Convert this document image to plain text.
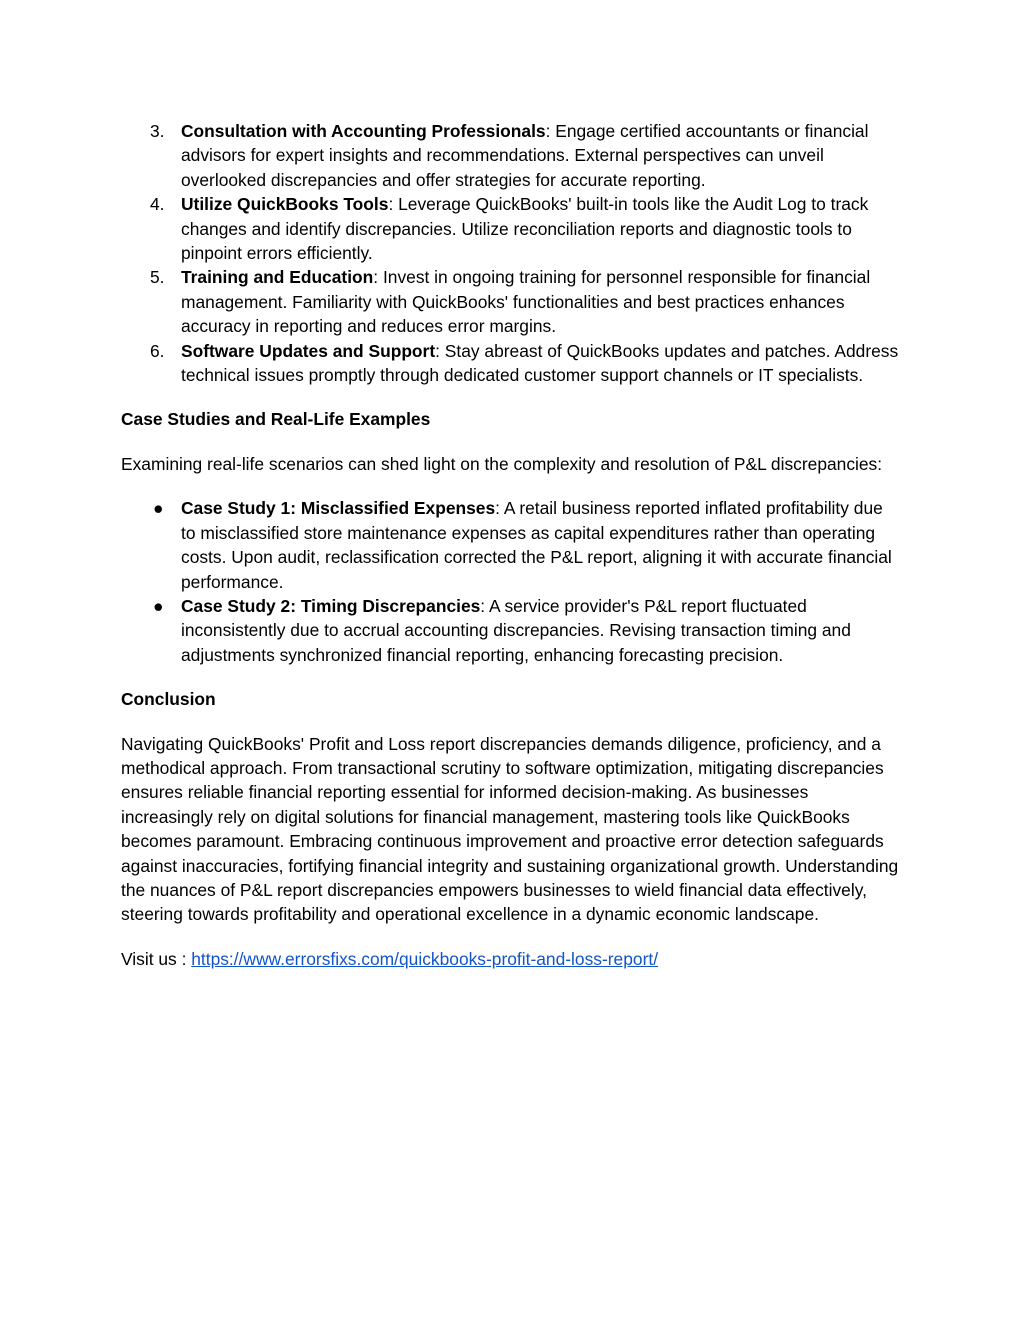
3. Consultation with Accounting Professionals: Engage certified accountants or financial advisors for expert insights and recommendations. External perspectives can unveil overlooked discrepancies and offer strategies for accurate reporting.
4. Utilize QuickBooks Tools: Leverage QuickBooks' built-in tools like the Audit Log to track changes and identify discrepancies. Utilize reconciliation reports and diagnostic tools to pinpoint errors efficiently.
5. Training and Education: Invest in ongoing training for personnel responsible for financial management. Familiarity with QuickBooks' functionalities and best practices enhances accuracy in reporting and reduces error margins.
6. Software Updates and Support: Stay abreast of QuickBooks updates and patches. Address technical issues promptly through dedicated customer support channels or IT specialists.

Case Studies and Real-Life Examples

Examining real-life scenarios can shed light on the complexity and resolution of P&L discrepancies:

● Case Study 1: Misclassified Expenses: A retail business reported inflated profitability due to misclassified store maintenance expenses as capital expenditures rather than operating costs. Upon audit, reclassification corrected the P&L report, aligning it with accurate financial performance.
● Case Study 2: Timing Discrepancies: A service provider's P&L report fluctuated inconsistently due to accrual accounting discrepancies. Revising transaction timing and adjustments synchronized financial reporting, enhancing forecasting precision.

Conclusion

Navigating QuickBooks' Profit and Loss report discrepancies demands diligence, proficiency, and a methodical approach. From transactional scrutiny to software optimization, mitigating discrepancies ensures reliable financial reporting essential for informed decision-making. As businesses increasingly rely on digital solutions for financial management, mastering tools like QuickBooks becomes paramount. Embracing continuous improvement and proactive error detection safeguards against inaccuracies, fortifying financial integrity and sustaining organizational growth. Understanding the nuances of P&L report discrepancies empowers businesses to wield financial data effectively, steering towards profitability and operational excellence in a dynamic economic landscape.

Visit us : https://www.errorsfixs.com/quickbooks-profit-and-loss-report/
